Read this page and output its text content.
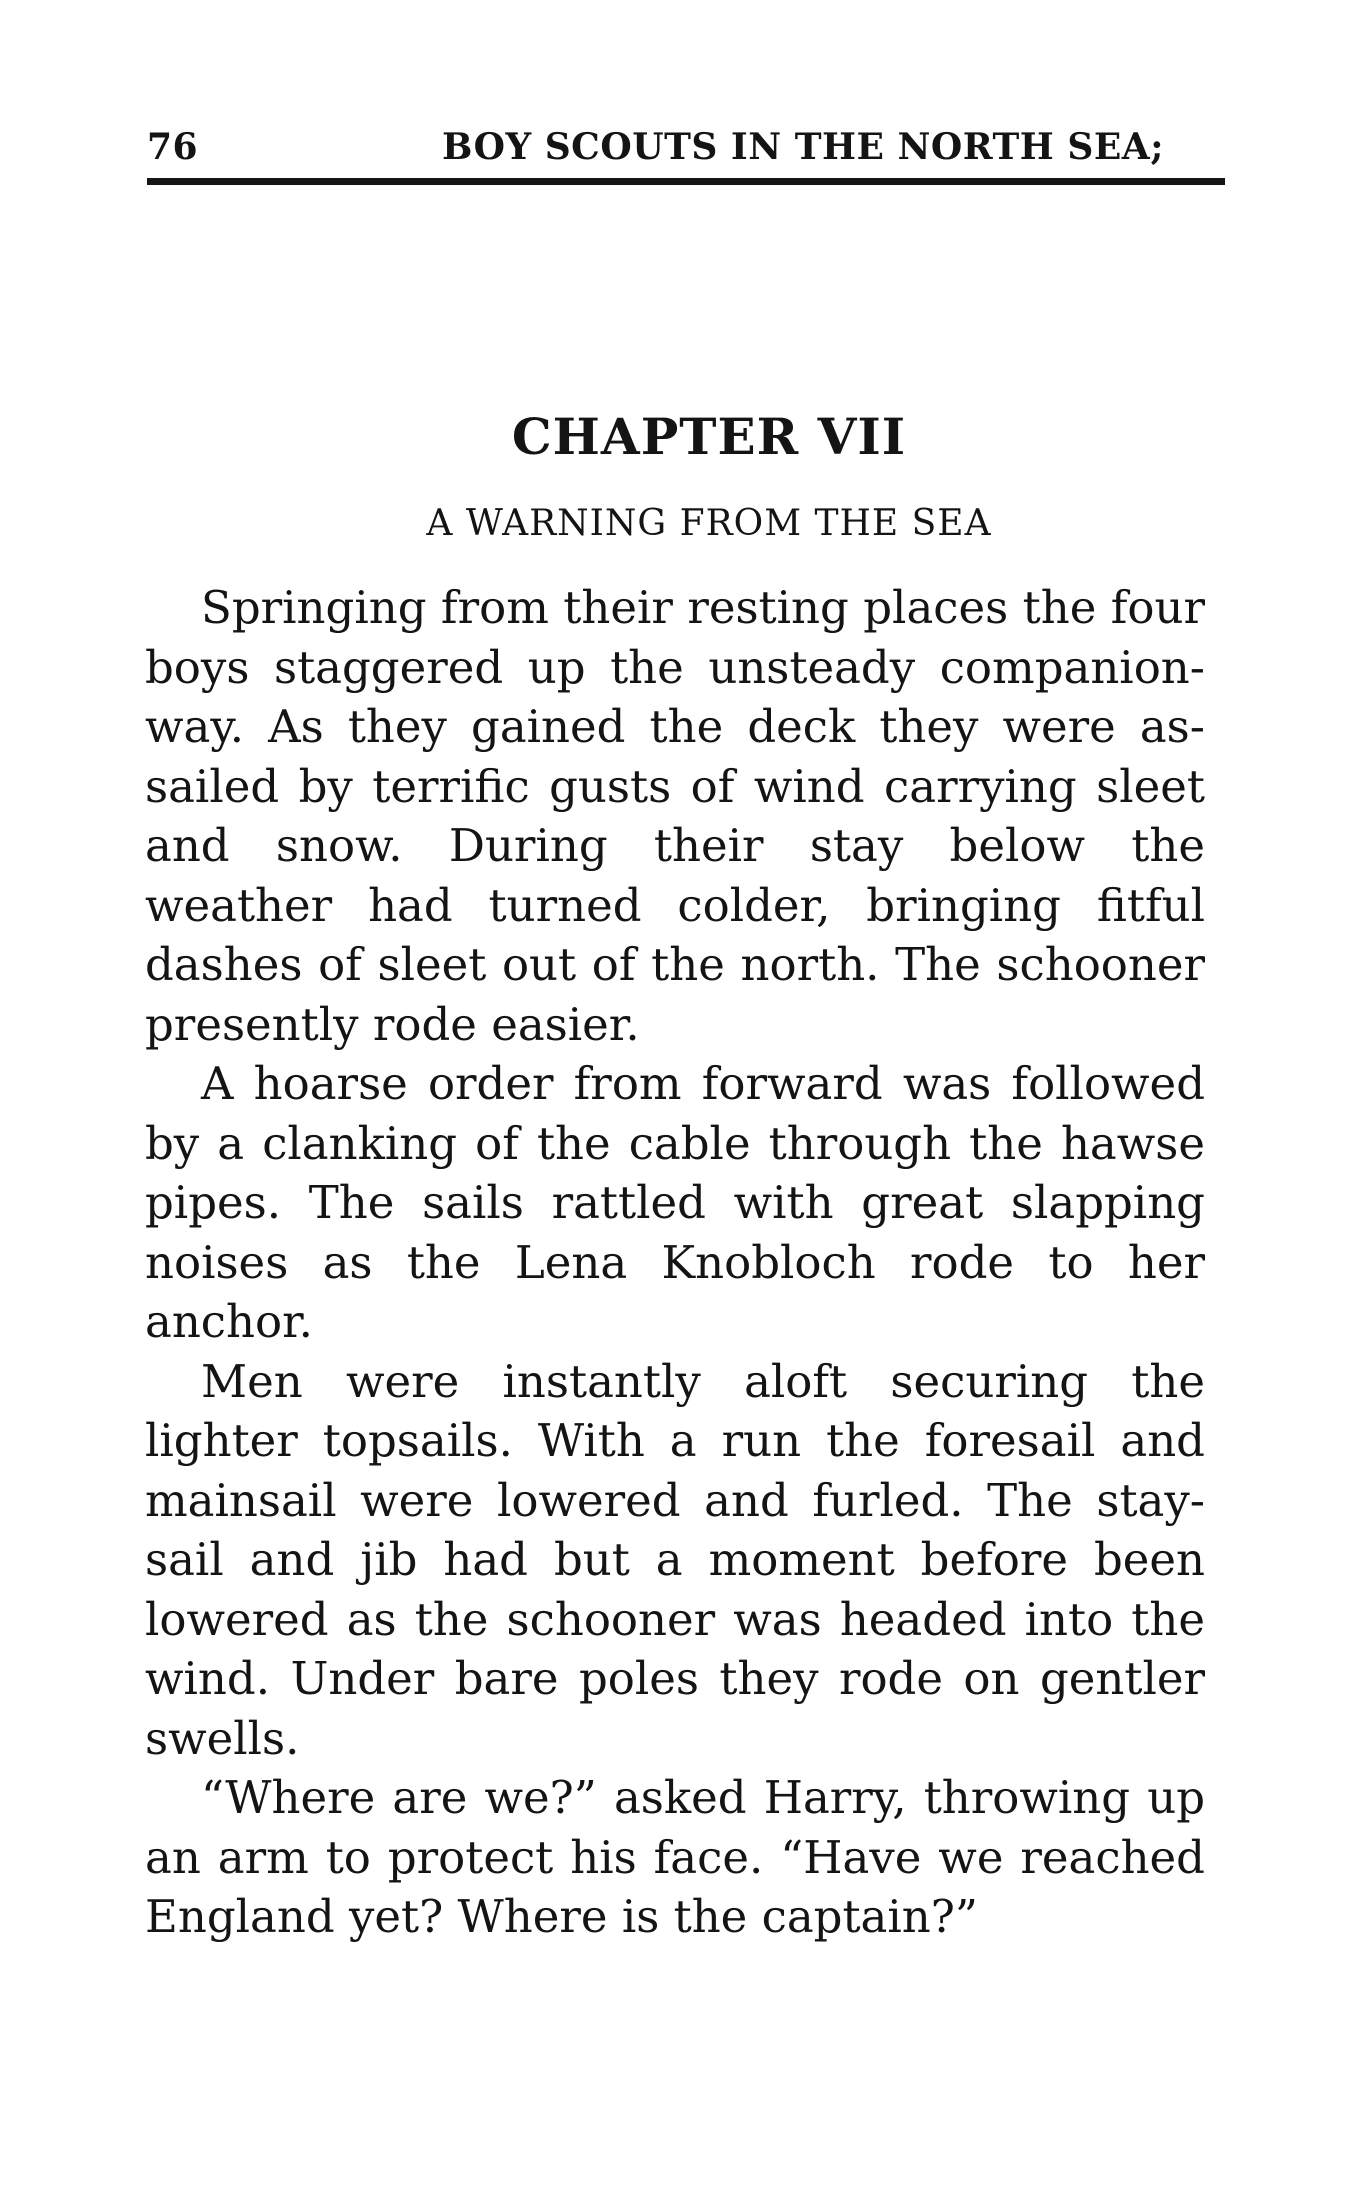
76	BOY SCOUTS IN THE NORTH SEA;
CHAPTER VII
A WARNING FROM THE SEA

Springing from their resting places the four boys staggered up the unsteady companionway. As they gained the deck they were assailed by terrific gusts of wind carrying sleet and snow. During their stay below the weather had turned colder, bringing fitful dashes of sleet out of the north. The schooner presently rode easier.

A hoarse order from forward was followed by a clanking of the cable through the hawse pipes. The sails rattled with great slapping noises as the Lena Knobloch rode to her anchor.

Men were instantly aloft securing the lighter topsails. With a run the foresail and mainsail were lowered and furled. The staysail and jib had but a moment before been lowered as the schooner was headed into the wind. Under bare poles they rode on gentler swells.

“Where are we?” asked Harry, throwing up an arm to protect his face. “Have we reached England yet? Where is the captain?”
